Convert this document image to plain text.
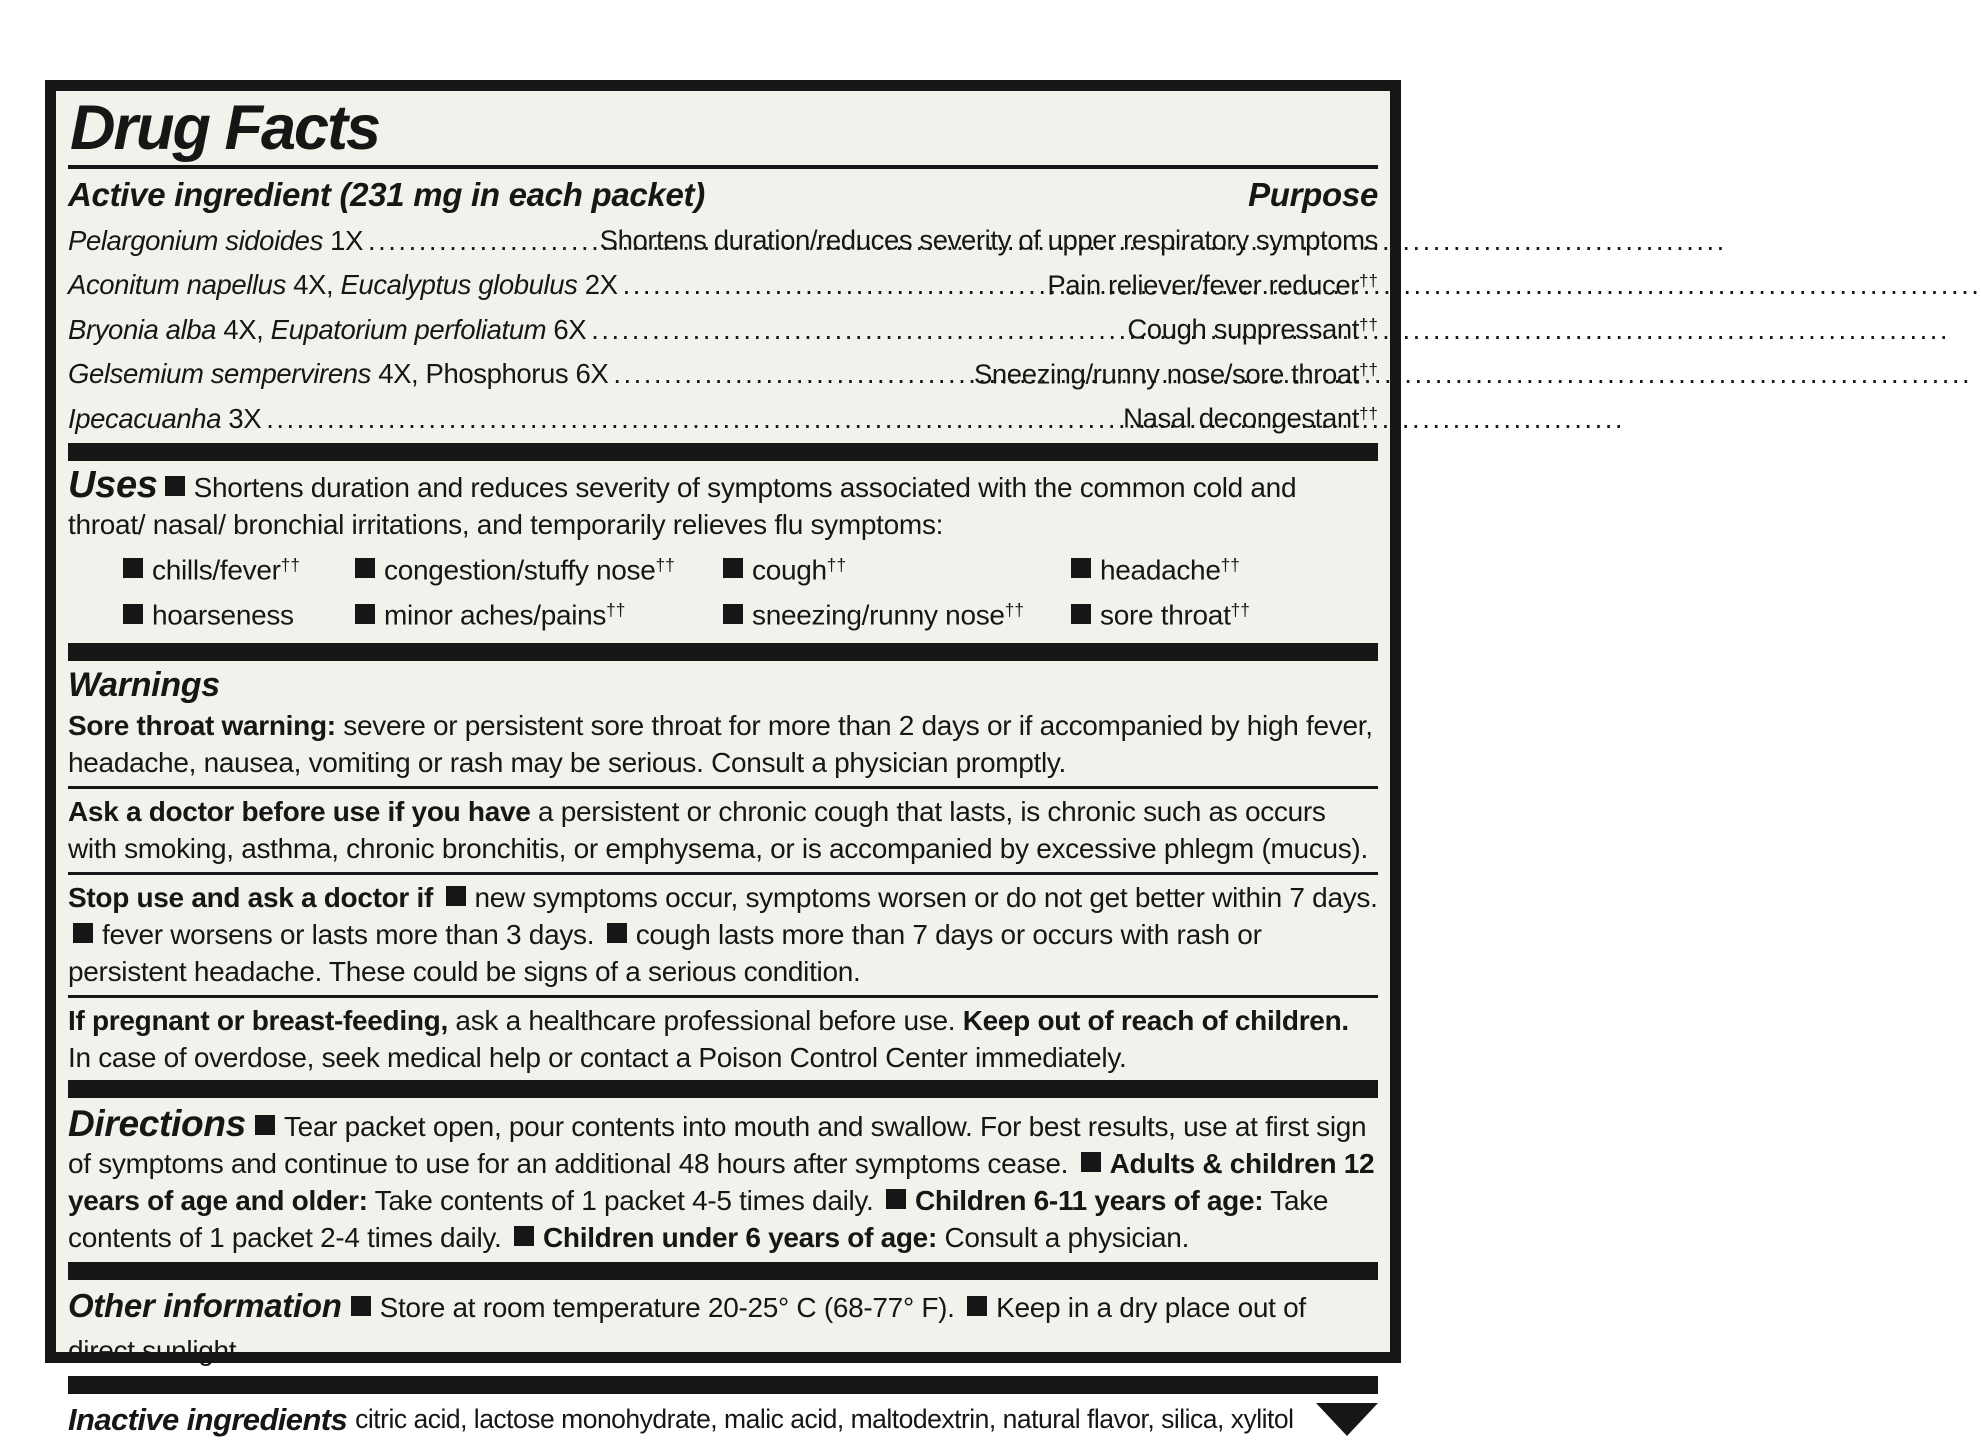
Drug Facts
Active ingredient (231 mg in each packet)	Purpose
Pelargonium sidoides 1X .....	Shortens duration/reduces severity of upper respiratory symptoms
Aconitum napellus 4X, Eucalyptus globulus 2X .....	Pain reliever/fever reducer††
Bryonia alba 4X, Eupatorium perfoliatum 6X .....	Cough suppressant††
Gelsemium sempervirens 4X, Phosphorus 6X .....	Sneezing/runny nose/sore throat††
Ipecacuanha 3X .....	Nasal decongestant††
Uses Shortens duration and reduces severity of symptoms associated with the common cold and throat/ nasal/ bronchial irritations, and temporarily relieves flu symptoms:
chills/fever††	congestion/stuffy nose††	cough††	headache††
hoarseness	minor aches/pains††	sneezing/runny nose††	sore throat††
Warnings
Sore throat warning: severe or persistent sore throat for more than 2 days or if accompanied by high fever, headache, nausea, vomiting or rash may be serious. Consult a physician promptly.
Ask a doctor before use if you have a persistent or chronic cough that lasts, is chronic such as occurs with smoking, asthma, chronic bronchitis, or emphysema, or is accompanied by excessive phlegm (mucus).
Stop use and ask a doctor if new symptoms occur, symptoms worsen or do not get better within 7 days. fever worsens or lasts more than 3 days. cough lasts more than 7 days or occurs with rash or persistent headache. These could be signs of a serious condition.
If pregnant or breast-feeding, ask a healthcare professional before use. Keep out of reach of children. In case of overdose, seek medical help or contact a Poison Control Center immediately.
Directions Tear packet open, pour contents into mouth and swallow. For best results, use at first sign of symptoms and continue to use for an additional 48 hours after symptoms cease. Adults & children 12 years of age and older: Take contents of 1 packet 4-5 times daily. Children 6-11 years of age: Take contents of 1 packet 2-4 times daily. Children under 6 years of age: Consult a physician.
Other information Store at room temperature 20-25° C (68-77° F). Keep in a dry place out of direct sunlight.
Inactive ingredients citric acid, lactose monohydrate, malic acid, maltodextrin, natural flavor, silica, xylitol
